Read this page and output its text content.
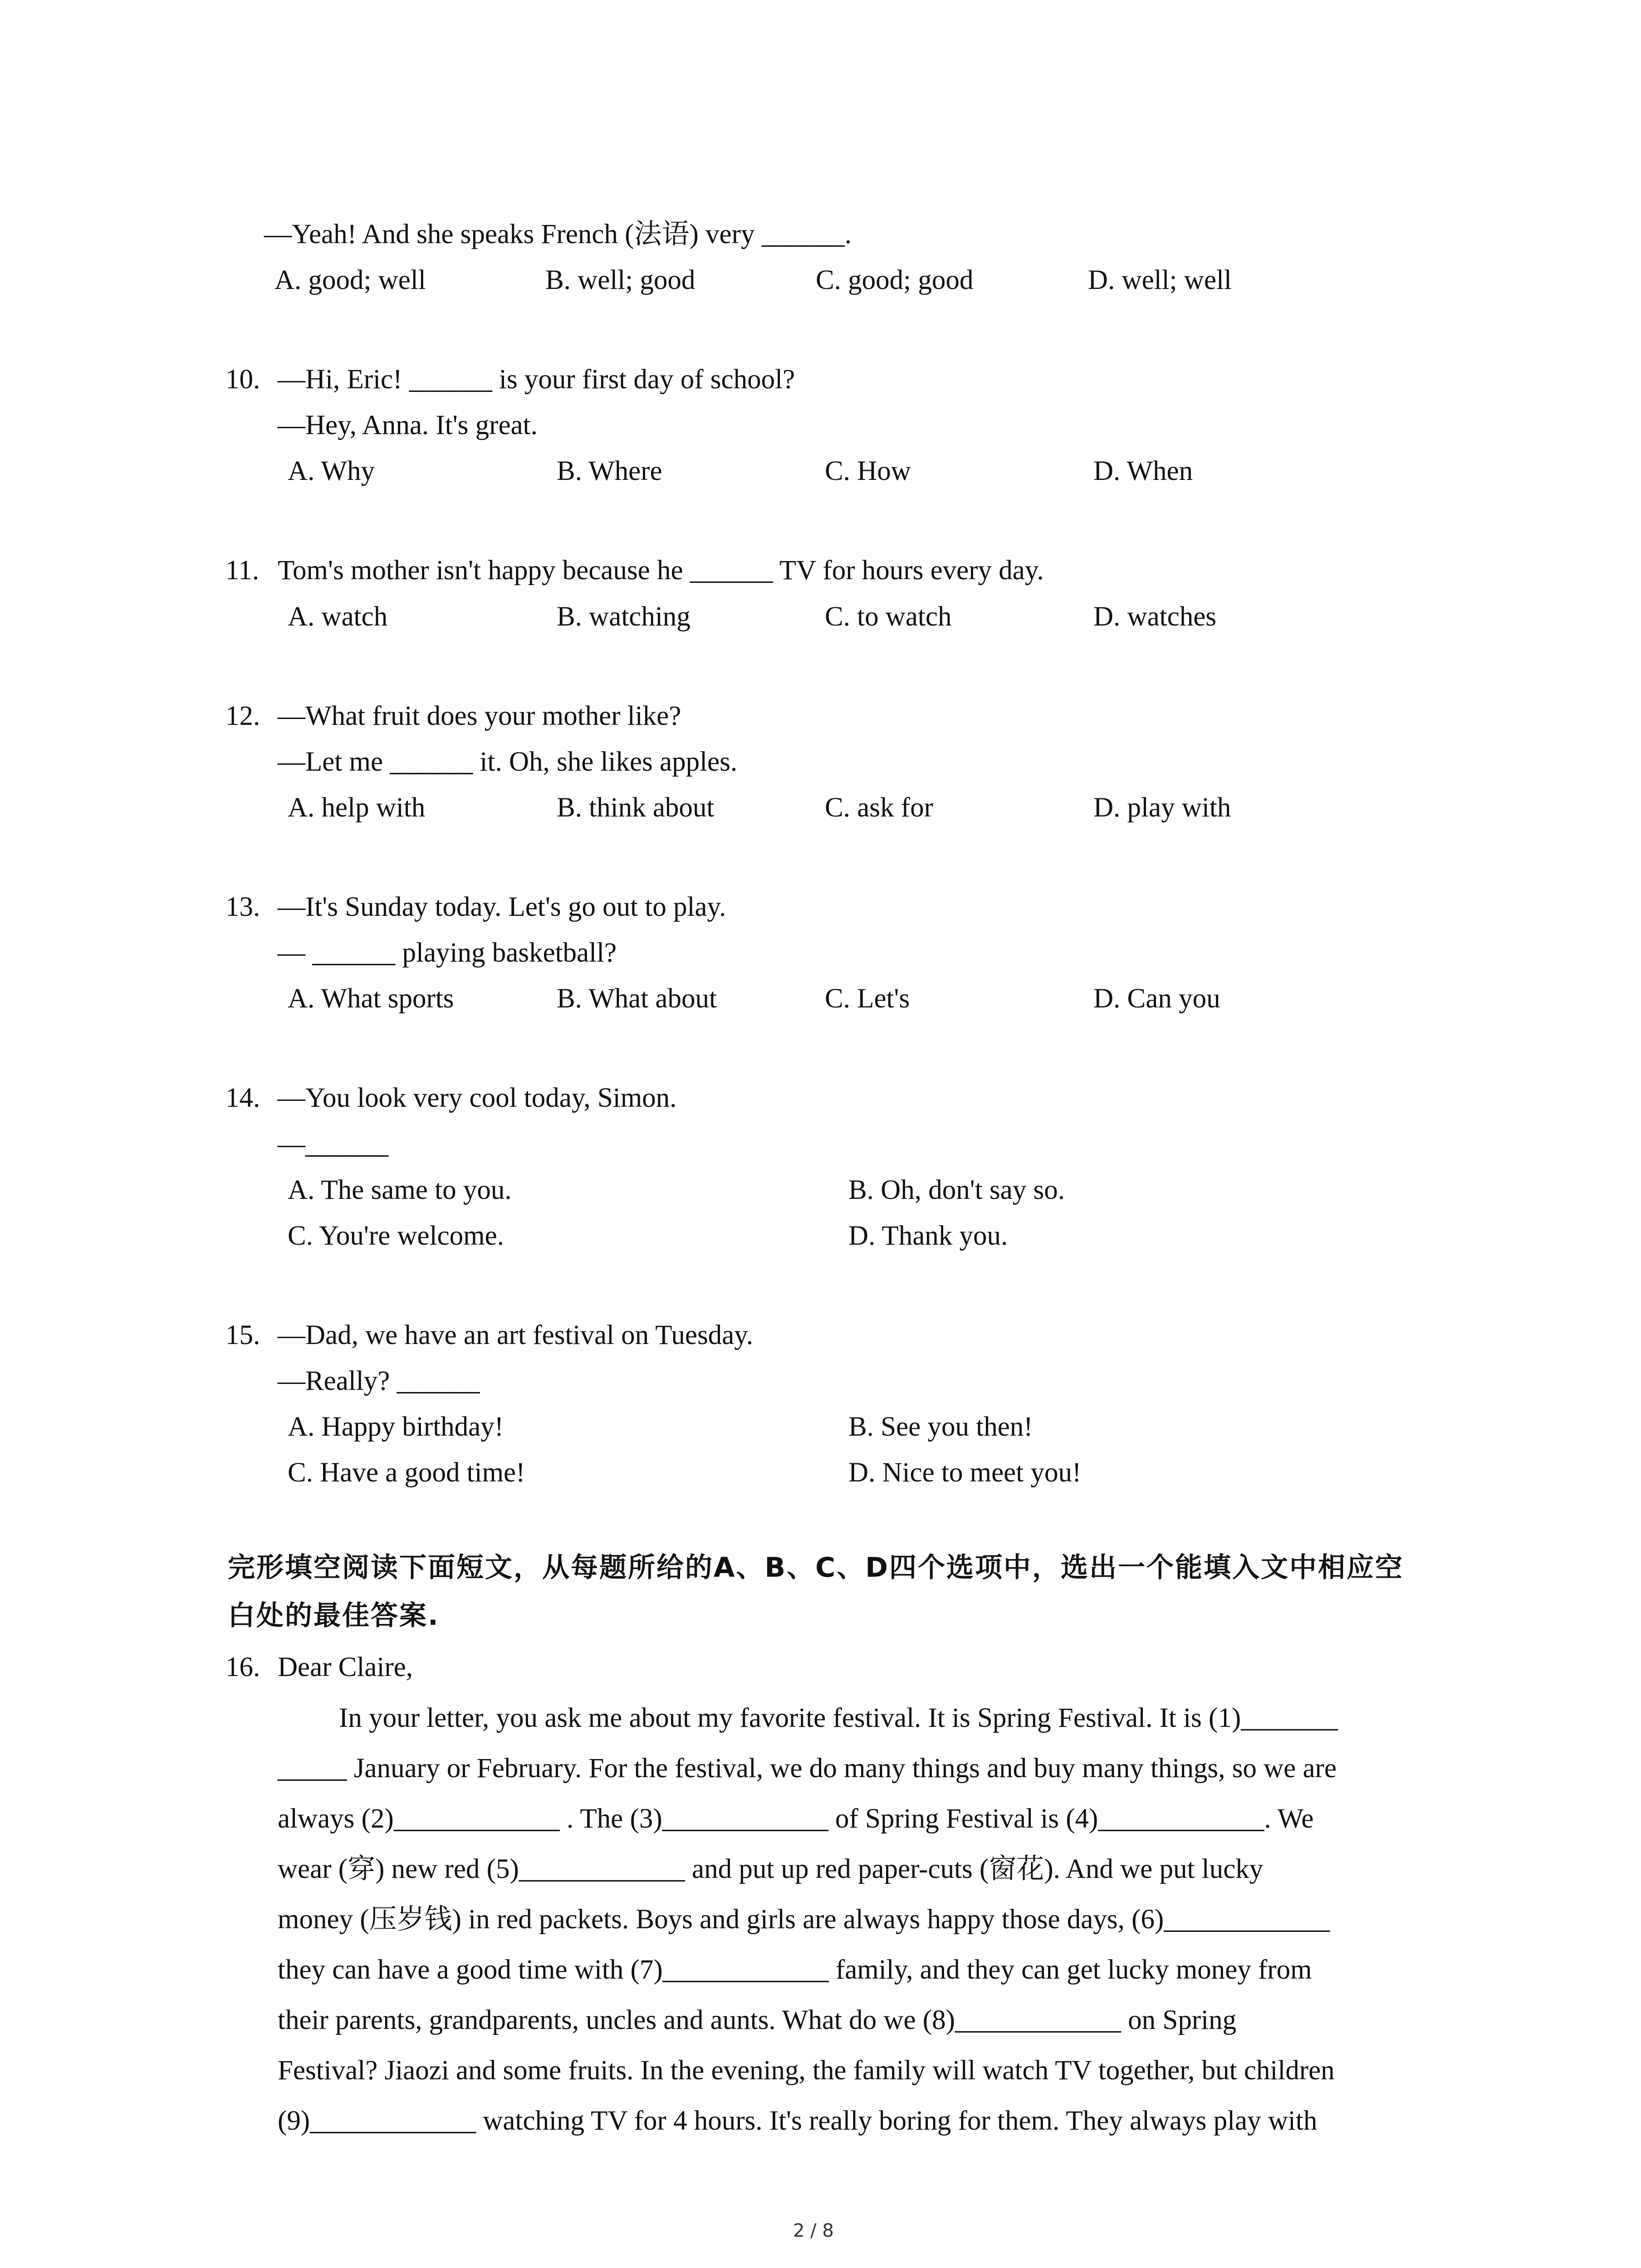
—Yeah! And she speaks French (法语) very ______.
A. good; well	B. well; good	C. good; good	D. well; well
10. —Hi, Eric! ______ is your first day of school?
—Hey, Anna. It's great.
A. Why	B. Where	C. How	D. When
11. Tom's mother isn't happy because he ______ TV for hours every day.
A. watch	B. watching	C. to watch	D. watches
12. —What fruit does your mother like?
—Let me ______ it. Oh, she likes apples.
A. help with	B. think about	C. ask for	D. play with
13. —It's Sunday today. Let's go out to play.
— ______ playing basketball?
A. What sports	B. What about	C. Let's	D. Can you
14. —You look very cool today, Simon.
—______
A. The same to you.	B. Oh, don't say so.
C. You're welcome.	D. Thank you.
15. —Dad, we have an art festival on Tuesday.
—Really? ______
A. Happy birthday!	B. See you then!
C. Have a good time!	D. Nice to meet you!
完形填空阅读下面短文，从每题所给的A、B、C、D四个选项中，选出一个能填入文中相应空
白处的最佳答案.
16. Dear Claire,
In your letter, you ask me about my favorite festival. It is Spring Festival. It is (1)_______
_____ January or February. For the festival, we do many things and buy many things, so we are
always (2)____________ . The (3)____________ of Spring Festival is (4)____________. We
wear (穿) new red (5)____________ and put up red paper-cuts (窗花). And we put lucky
money (压岁钱) in red packets. Boys and girls are always happy those days, (6)____________
they can have a good time with (7)____________ family, and they can get lucky money from
their parents, grandparents, uncles and aunts. What do we (8)____________ on Spring
Festival? Jiaozi and some fruits. In the evening, the family will watch TV together, but children
(9)____________ watching TV for 4 hours. It's really boring for them. They always play with
2 / 8
